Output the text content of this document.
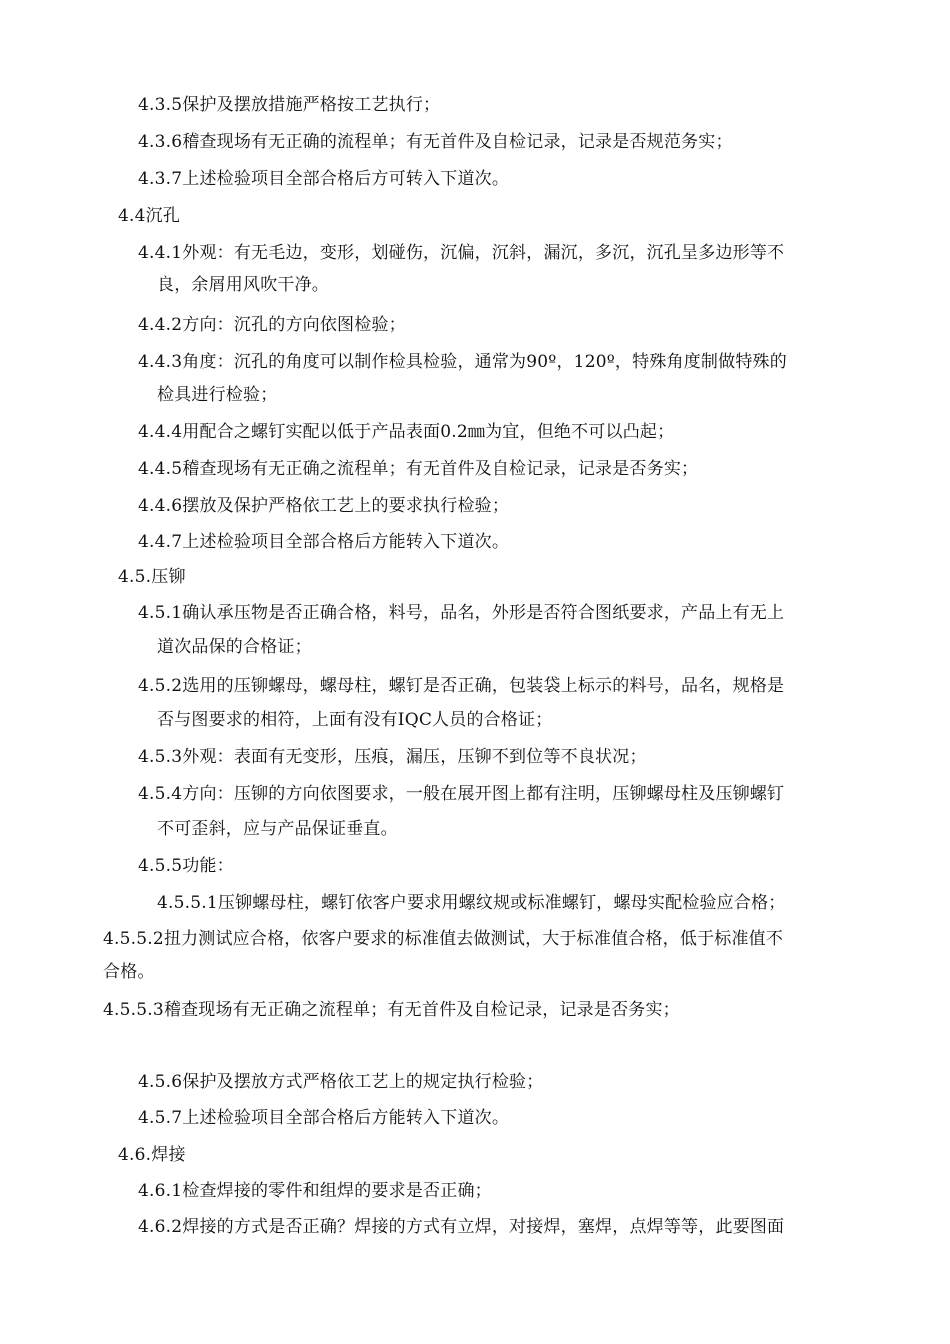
4.3.5保护及摆放措施严格按工艺执行；
4.3.6稽查现场有无正确的流程单；有无首件及自检记录，记录是否规范务实；
4.3.7上述检验项目全部合格后方可转入下道次。
4.4沉孔
4.4.1外观：有无毛边，变形，划碰伤，沉偏，沉斜，漏沉，多沉，沉孔呈多边形等不
良，余屑用风吹干净。
4.4.2方向：沉孔的方向依图检验；
4.4.3角度：沉孔的角度可以制作检具检验，通常为90º，120º，特殊角度制做特殊的
检具进行检验；
4.4.4用配合之螺钉实配以低于产品表面0.2㎜为宜，但绝不可以凸起；
4.4.5稽查现场有无正确之流程单；有无首件及自检记录，记录是否务实；
4.4.6摆放及保护严格依工艺上的要求执行检验；
4.4.7上述检验项目全部合格后方能转入下道次。
4.5.压铆
4.5.1确认承压物是否正确合格，料号，品名，外形是否符合图纸要求，产品上有无上
道次品保的合格证；
4.5.2选用的压铆螺母，螺母柱，螺钉是否正确，包装袋上标示的料号，品名，规格是
否与图要求的相符，上面有没有IQC人员的合格证；
4.5.3外观：表面有无变形，压痕，漏压，压铆不到位等不良状况；
4.5.4方向：压铆的方向依图要求，一般在展开图上都有注明，压铆螺母柱及压铆螺钉
不可歪斜，应与产品保证垂直。
4.5.5功能：
4.5.5.1压铆螺母柱，螺钉依客户要求用螺纹规或标准螺钉，螺母实配检验应合格；
4.5.5.2扭力测试应合格，依客户要求的标准值去做测试，大于标准值合格，低于标准值不
合格。
4.5.5.3稽查现场有无正确之流程单；有无首件及自检记录，记录是否务实；
4.5.6保护及摆放方式严格依工艺上的规定执行检验；
4.5.7上述检验项目全部合格后方能转入下道次。
4.6.焊接
4.6.1检查焊接的零件和组焊的要求是否正确；
4.6.2焊接的方式是否正确？焊接的方式有立焊，对接焊，塞焊，点焊等等，此要图面
